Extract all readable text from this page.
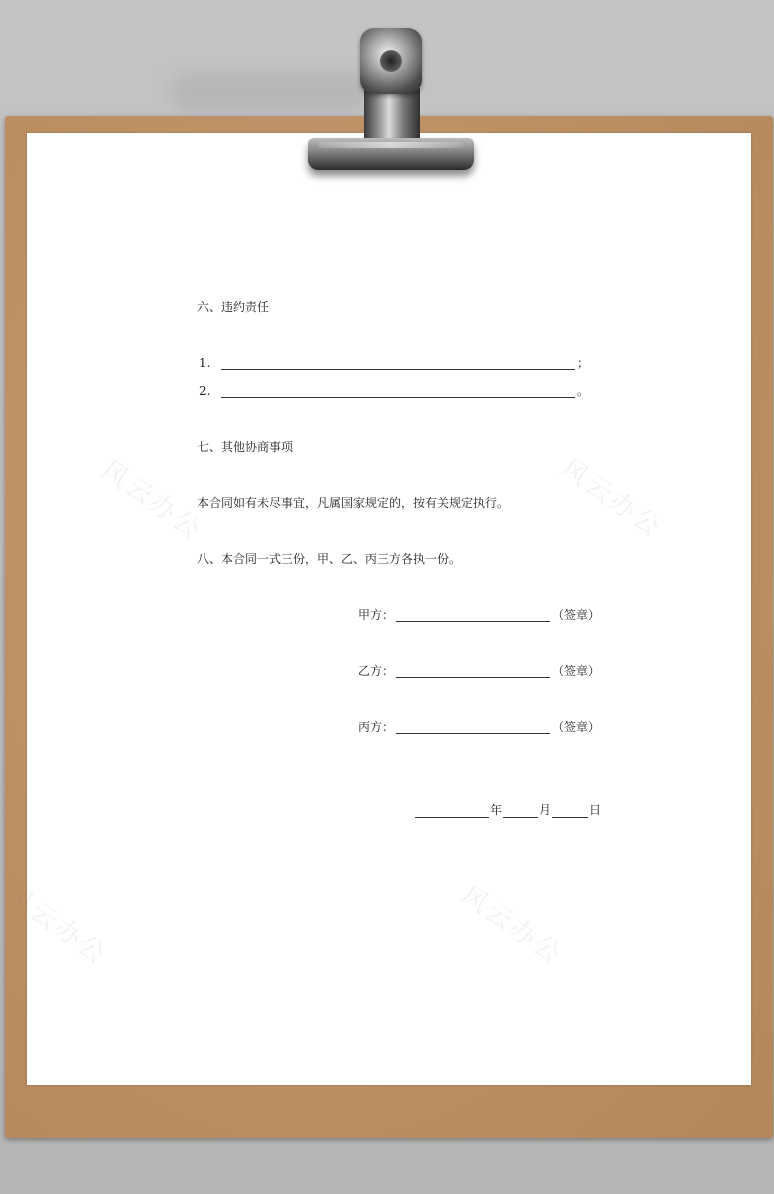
风云办公	风云办公
风云办公	风云办公
六、违约责任
1.	；
2.	。
七、其他协商事项
本合同如有未尽事宜，凡属国家规定的，按有关规定执行。
八、本合同一式三份，甲、乙、丙三方各执一份。
甲方：	（签章）
乙方：	（签章）
丙方：	（签章）
年	月	日
